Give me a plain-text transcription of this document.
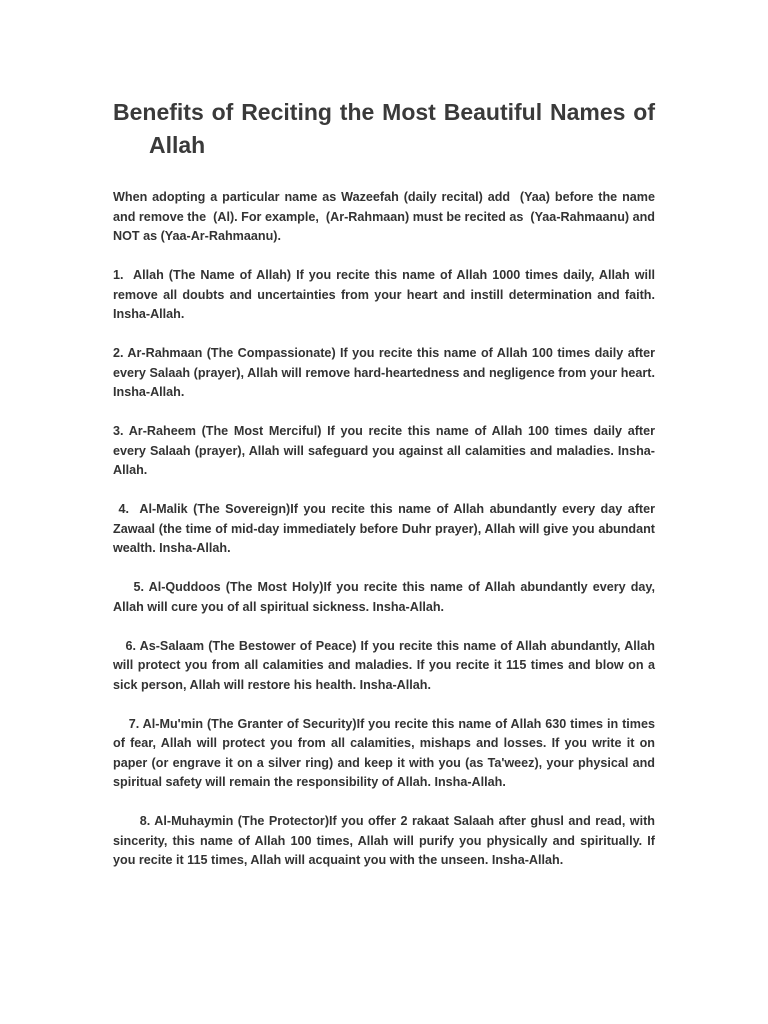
Benefits of Reciting the Most Beautiful Names of
Allah

When adopting a particular name as Wazeefah (daily recital) add  (Yaa) before the name and remove the  (Al). For example,  (Ar-Rahmaan) must be recited as  (Yaa-Rahmaanu) and NOT as (Yaa-Ar-Rahmaanu).

1.  Allah (The Name of Allah) If you recite this name of Allah 1000 times daily, Allah will remove all doubts and uncertainties from your heart and instill determination and faith. Insha-Allah.

2. Ar-Rahmaan (The Compassionate) If you recite this name of Allah 100 times daily after every Salaah (prayer), Allah will remove hard-heartedness and negligence from your heart. Insha-Allah.

3. Ar-Raheem (The Most Merciful) If you recite this name of Allah 100 times daily after every Salaah (prayer), Allah will safeguard you against all calamities and maladies. Insha-Allah.

4.  Al-Malik (The Sovereign)If you recite this name of Allah abundantly every day after Zawaal (the time of mid-day immediately before Duhr prayer), Allah will give you abundant wealth. Insha-Allah.

5. Al-Quddoos (The Most Holy)If you recite this name of Allah abundantly every day, Allah will cure you of all spiritual sickness. Insha-Allah.

6. As-Salaam (The Bestower of Peace) If you recite this name of Allah abundantly, Allah will protect you from all calamities and maladies. If you recite it 115 times and blow on a sick person, Allah will restore his health. Insha-Allah.

7. Al-Mu'min (The Granter of Security)If you recite this name of Allah 630 times in times of fear, Allah will protect you from all calamities, mishaps and losses. If you write it on paper (or engrave it on a silver ring) and keep it with you (as Ta'weez), your physical and spiritual safety will remain the responsibility of Allah. Insha-Allah.

8. Al-Muhaymin (The Protector)If you offer 2 rakaat Salaah after ghusl and read, with sincerity, this name of Allah 100 times, Allah will purify you physically and spiritually. If you recite it 115 times, Allah will acquaint you with the unseen. Insha-Allah.
